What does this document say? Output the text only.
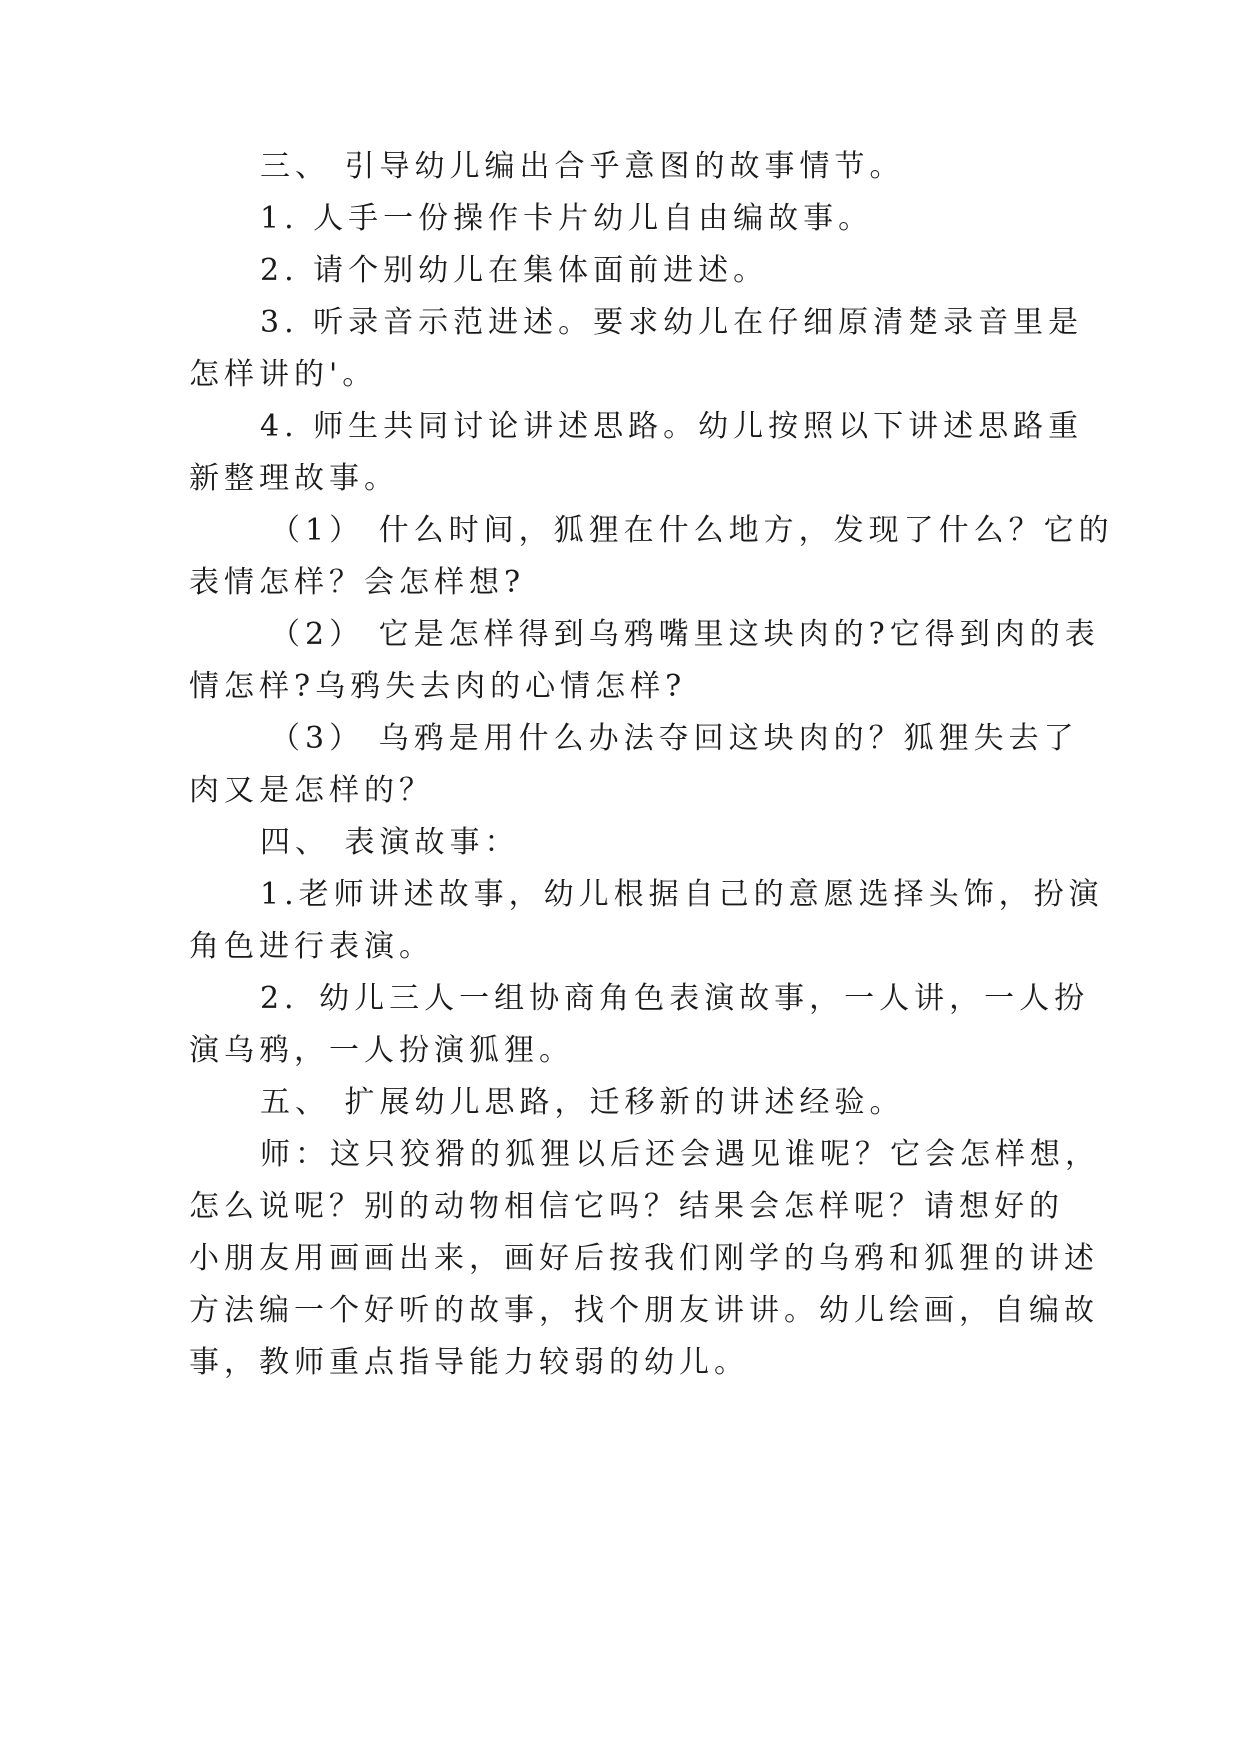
三、 引导幼儿编出合乎意图的故事情节。
1. 人手一份操作卡片幼儿自由编故事。
2. 请个别幼儿在集体面前进述。
3. 听录音示范进述。要求幼儿在仔细原清楚录音里是
怎样讲的'。
4. 师生共同讨论讲述思路。幼儿按照以下讲述思路重
新整理故事。
（1） 什么时间，狐狸在什么地方，发现了什么？它的
表情怎样？会怎样想?
（2） 它是怎样得到乌鸦嘴里这块肉的?它得到肉的表
情怎样?乌鸦失去肉的心情怎样?
（3） 乌鸦是用什么办法夺回这块肉的？狐狸失去了
肉又是怎样的？
四、 表演故事：
1.老师讲述故事，幼儿根据自己的意愿选择头饰，扮演
角色进行表演。
2．幼儿三人一组协商角色表演故事，一人讲，一人扮
演乌鸦，一人扮演狐狸。
五、 扩展幼儿思路，迁移新的讲述经验。
师：这只狡猾的狐狸以后还会遇见谁呢？它会怎样想，
怎么说呢？别的动物相信它吗？结果会怎样呢？请想好的
小朋友用画画出来，画好后按我们刚学的乌鸦和狐狸的讲述
方法编一个好听的故事，找个朋友讲讲。幼儿绘画，自编故
事，教师重点指导能力较弱的幼儿。
